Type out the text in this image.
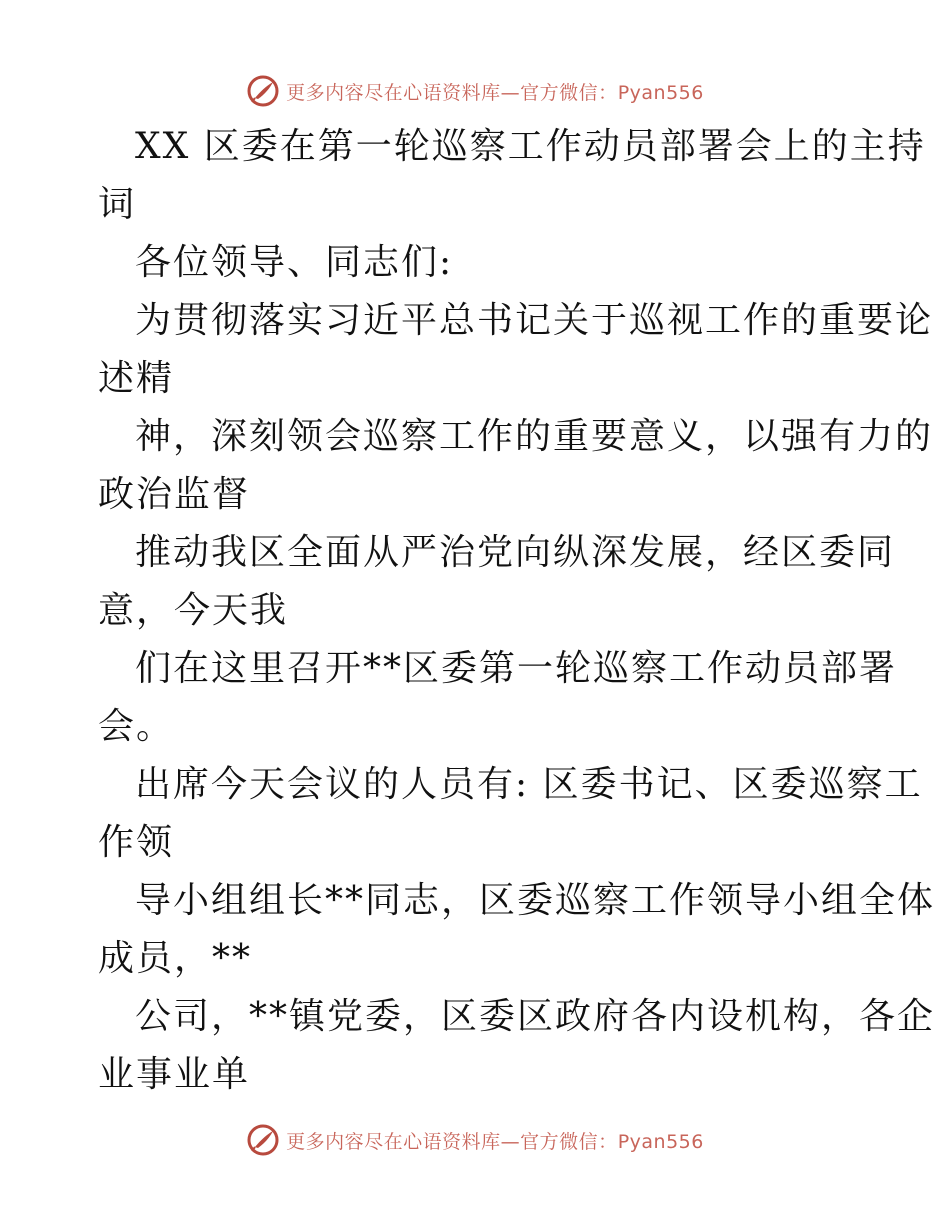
更多内容尽在心语资料库—官方微信：Pyan556
XX 区委在第一轮巡察工作动员部署会上的主持
词
各位领导、同志们:
为贯彻落实习近平总书记关于巡视工作的重要论
述精
神，深刻领会巡察工作的重要意义，以强有力的
政治监督
推动我区全面从严治党向纵深发展，经区委同
意，今天我
们在这里召开**区委第一轮巡察工作动员部署
会。
出席今天会议的人员有: 区委书记、区委巡察工
作领
导小组组长**同志，区委巡察工作领导小组全体
成员，**
公司，**镇党委，区委区政府各内设机构，各企
业事业单
更多内容尽在心语资料库—官方微信：Pyan556
